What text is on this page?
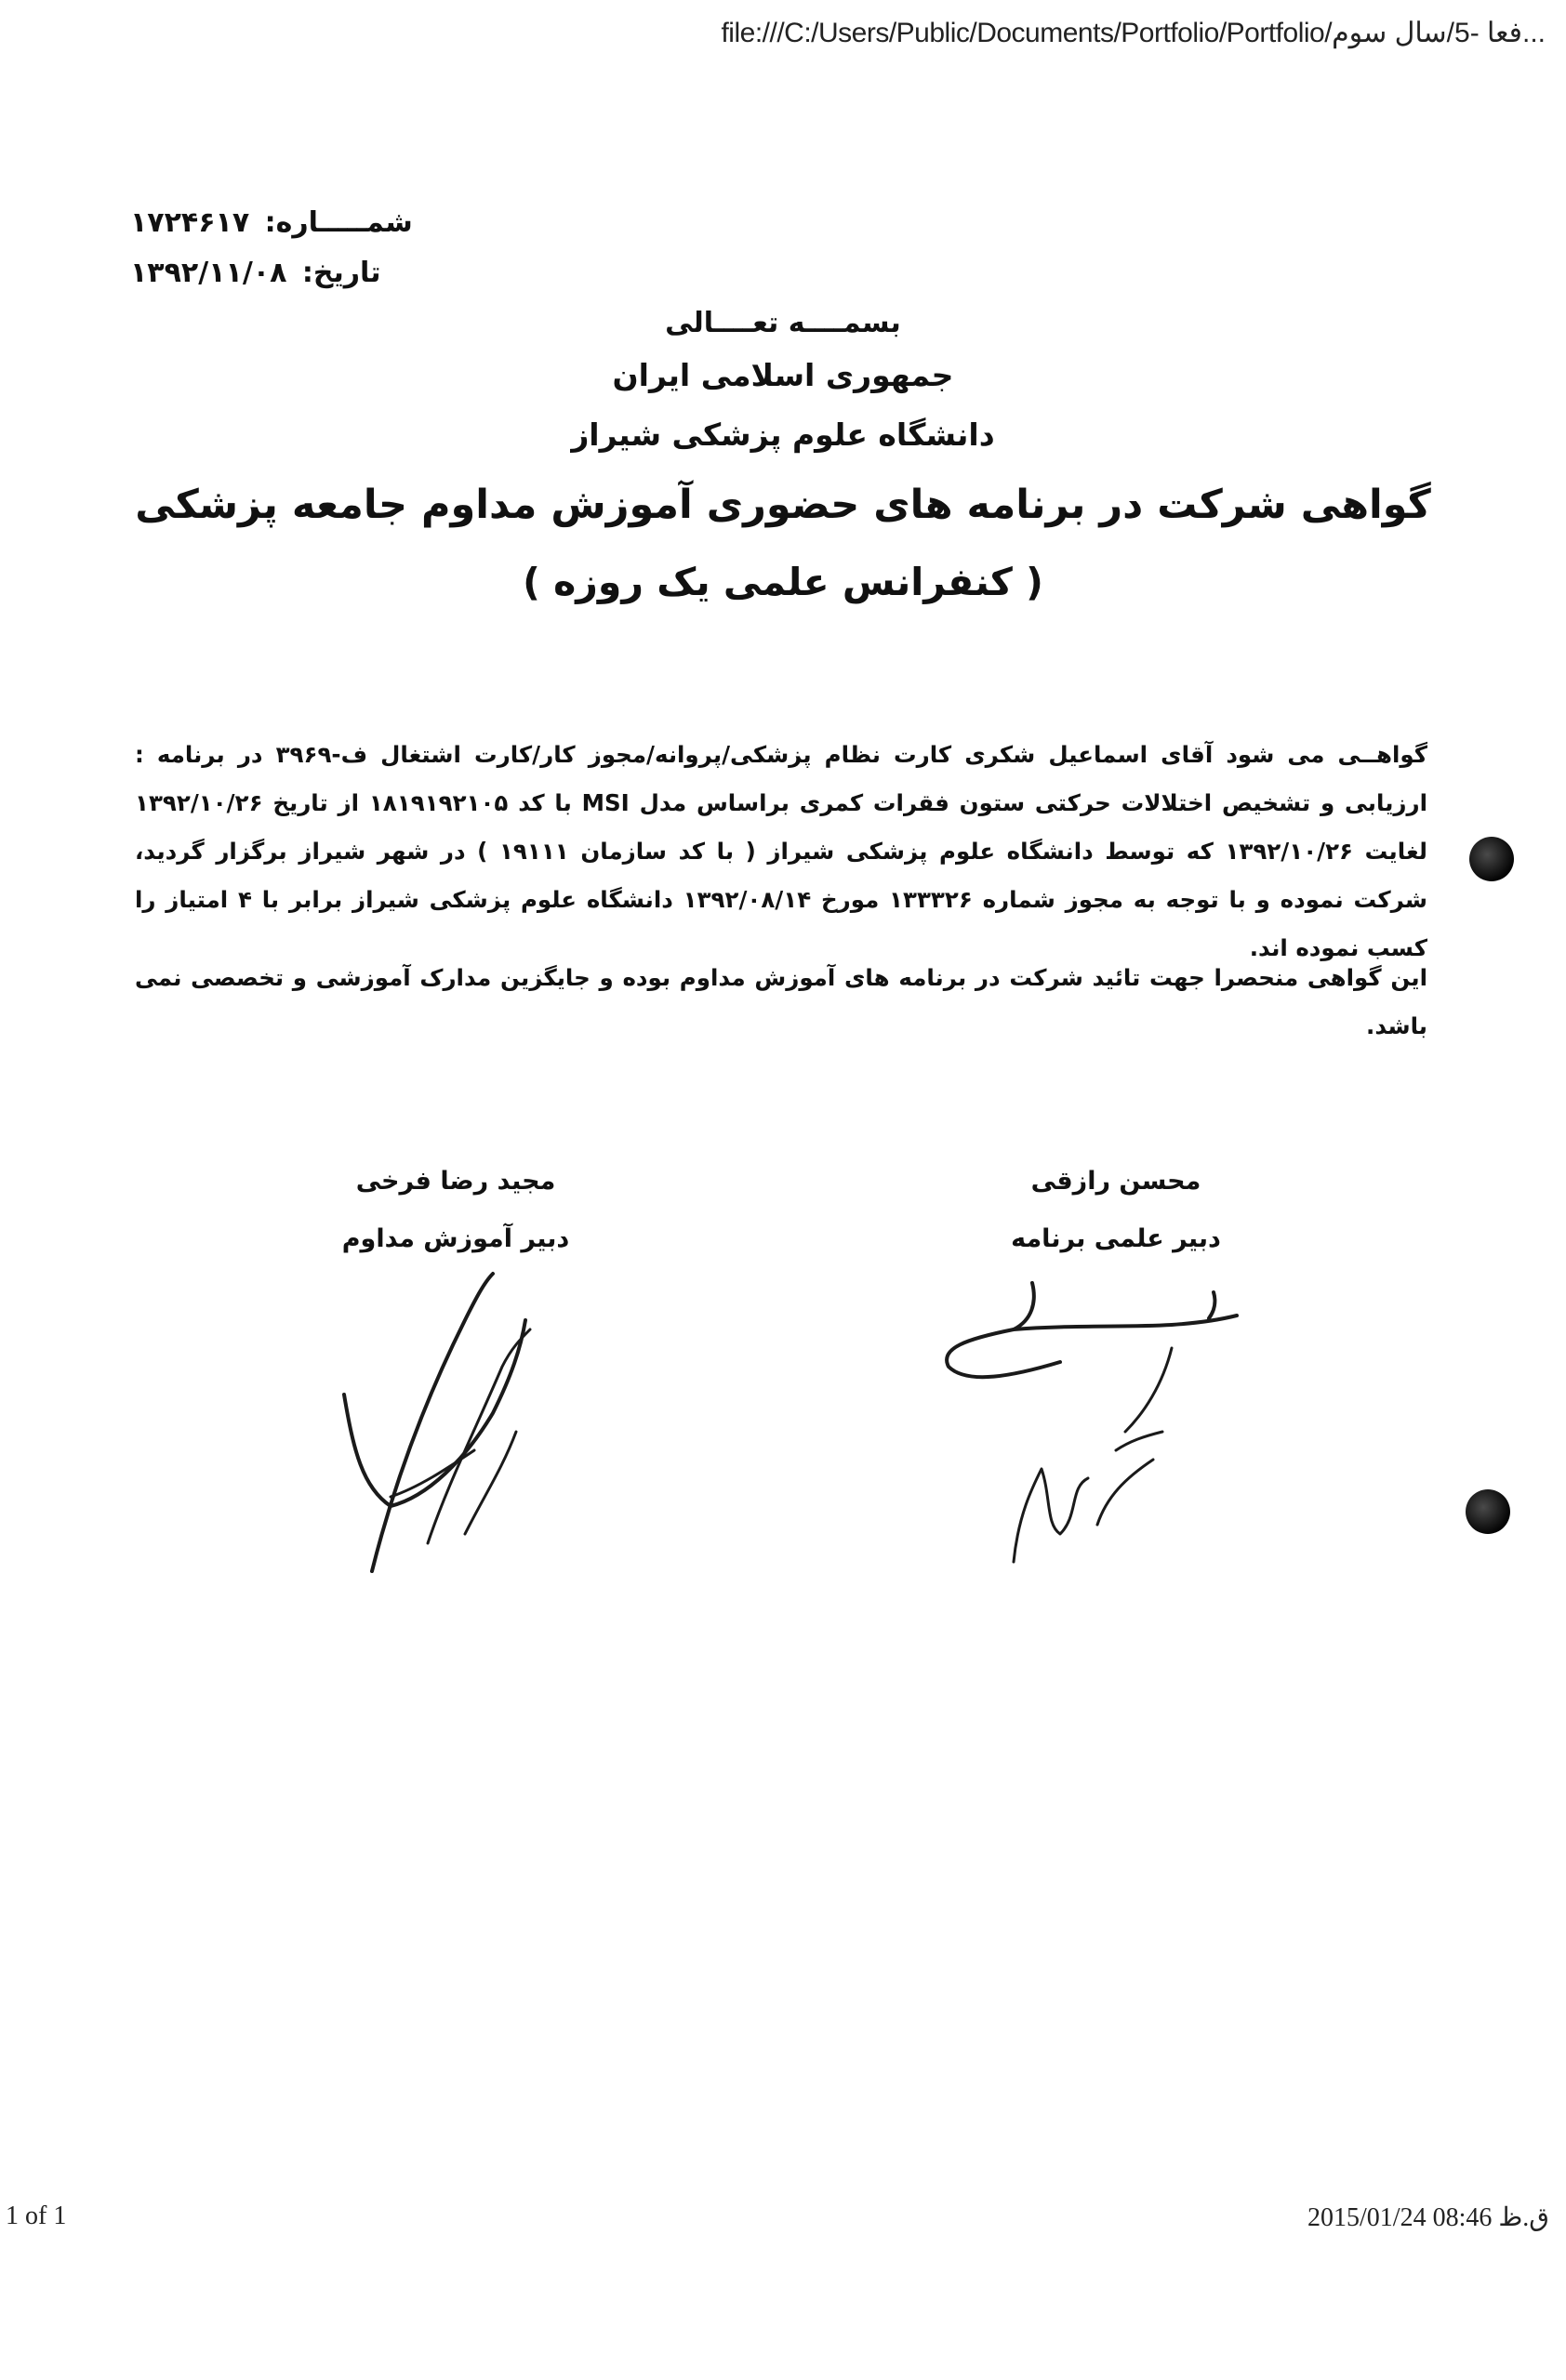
file:///C:/Users/Public/Documents/Portfolio/Portfolio/فعا -5/سال سوم...
شمـــــاره: ۱۷۲۴۶۱۷
تاریخ: ۱۳۹۲/۱۱/۰۸
بسمــــه تعــــالی
جمهوری اسلامی ایران
دانشگاه علوم پزشکی شیراز
گواهی شرکت در برنامه های حضوری آموزش مداوم جامعه پزشکی
( کنفرانس علمی یک روزه )
گواهــی می شود آقای اسماعیل شکری کارت نظام پزشکی/پروانه/مجوز کار/کارت اشتغال ف-۳۹۶۹ در برنامه : ارزیابی و تشخیص اختلالات حرکتی ستون فقرات کمری براساس مدل MSI با کد ۱۸۱۹۱۹۲۱۰۵ از تاریخ ۱۳۹۲/۱۰/۲۶ لغایت ۱۳۹۲/۱۰/۲۶ که توسط دانشگاه علوم پزشکی شیراز ( با کد سازمان ۱۹۱۱۱ ) در شهر شیراز برگزار گردید، شرکت نموده و با توجه به مجوز شماره ۱۳۳۳۲۶ مورخ ۱۳۹۲/۰۸/۱۴ دانشگاه علوم پزشکی شیراز برابر با ۴ امتیاز را کسب نموده اند.
این گواهی منحصرا جهت تائید شرکت در برنامه های آموزش مداوم بوده و جایگزین مدارک آموزشی و تخصصی نمی باشد.
مجید رضا فرخی
دبیر آموزش مداوم
محسن رازقی
دبیر علمی برنامه
1 of 1	ق.ظ 08:46 2015/01/24
